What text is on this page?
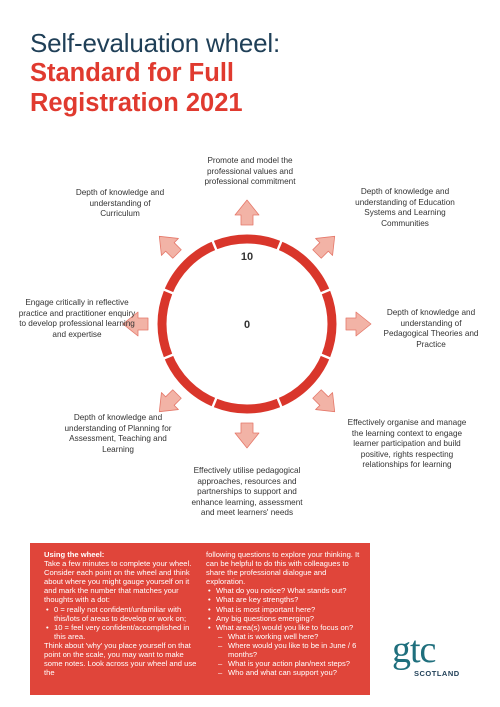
Self-evaluation wheel:
Standard for Full Registration 2021
10
0
Promote and model the professional values and professional commitment
Depth of knowledge and understanding of Education Systems and Learning Communities
Depth of knowledge and understanding of Pedagogical Theories and Practice
Effectively organise and manage the learning context to engage learner participation and build positive, rights respecting relationships for learning
Effectively utilise pedagogical approaches, resources and partnerships to support and enhance learning, assessment and meet learners' needs
Depth of knowledge and understanding of Planning for Assessment, Teaching and Learning
Engage critically in reflective practice and practitioner enquiry to develop professional learning and expertise
Depth of knowledge and understanding of Curriculum

Using the wheel:

Take a few minutes to complete your wheel. Consider each point on the wheel and think about where you might gauge yourself on it and mark the number that matches your thoughts with a dot:

• 0 = really not confident/unfamiliar with this/lots of areas to develop or work on;
• 10 = feel very confident/accomplished in this area.

Think about 'why' you place yourself on that point on the scale, you may want to make some notes. Look across your wheel and use the

following questions to explore your thinking. It can be helpful to do this with colleagues to share the professional dialogue and exploration.

• What do you notice? What stands out?
• What are key strengths?
• What is most important here?
• Any big questions emerging?
• What area(s) would you like to focus on?
– What is working well here?
– Where would you like to be in June / 6 months?
– What is your action plan/next steps?
– Who and what can support you?
gtc
SCOTLAND
